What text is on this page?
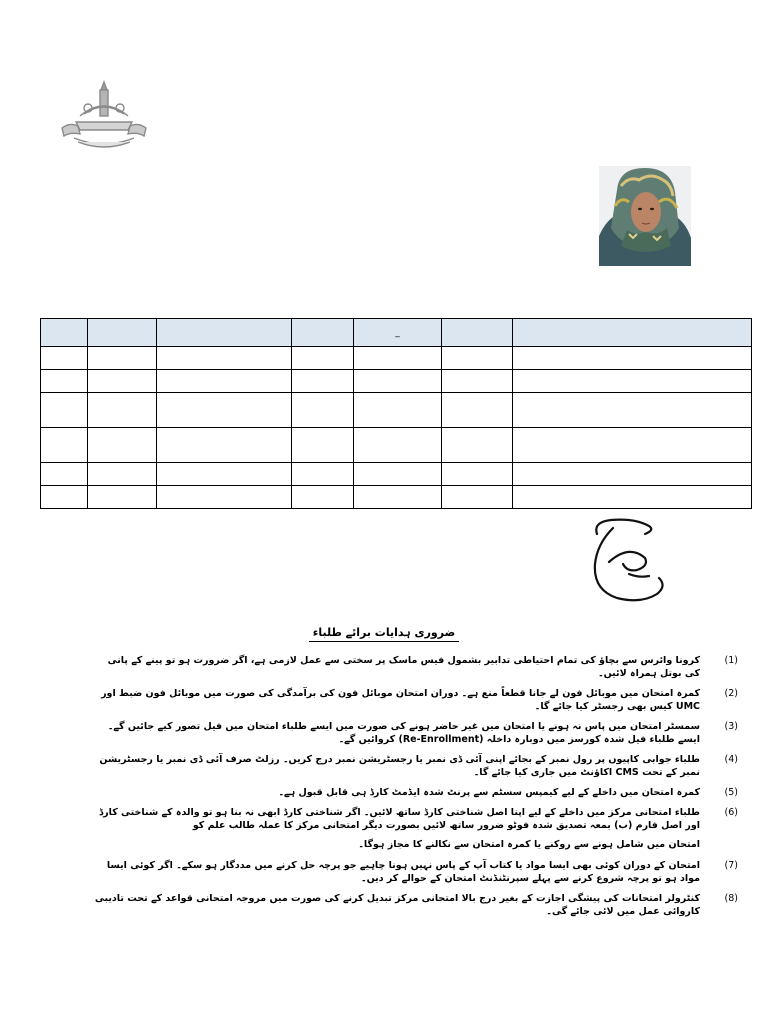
				_		

ضروری ہدایات برائے طلباء
(1)
کرونا وائرس سے بچاؤ کی تمام احتیاطی تدابیر بشمول فیس ماسک پر سختی سے عمل لازمی ہے، اگر ضرورت ہو تو پینے کے پانی کی بوتل ہمراہ لائیں۔
(2)
کمرہ امتحان میں موبائل فون لے جانا قطعاً منع ہے۔ دوران امتحان موبائل فون کی برآمدگی کی صورت میں موبائل فون ضبط اور UMC کیس بھی رجسٹر کیا جائے گا۔
(3)
سمسٹر امتحان میں پاس نہ ہونے یا امتحان میں غیر حاضر ہونے کی صورت میں ایسے طلباء امتحان میں فیل تصور کیے جائیں گے۔ ایسے طلباء فیل شدہ کورسز میں دوبارہ داخلہ (Re-Enrollment) کروائیں گے۔
(4)
طلباء جوابی کاپیوں پر رول نمبر کے بجائے اپنی آئی ڈی نمبر یا رجسٹریشن نمبر درج کریں۔ رزلٹ صرف آئی ڈی نمبر یا رجسٹریشن نمبر کے تحت CMS اکاؤنٹ میں جاری کیا جائے گا۔
(5)
کمرہ امتحان میں داخلے کے لیے کیمپس سسٹم سے پرنٹ شدہ ایڈمٹ کارڈ ہی قابل قبول ہے۔
(6)
طلباء امتحانی مرکز میں داخلے کے لیے اپنا اصل شناختی کارڈ ساتھ لائیں۔ اگر شناختی کارڈ ابھی نہ بنا ہو تو والدہ کے شناختی کارڈ اور اصل فارم (ب) بمعہ تصدیق شدہ فوٹو ضرور ساتھ لائیں بصورت دیگر امتحانی مرکز کا عملہ طالب علم کو
امتحان میں شامل ہونے سے روکنے یا کمرہ امتحان سے نکالنے کا مجاز ہوگا۔
(7)
امتحان کے دوران کوئی بھی ایسا مواد یا کتاب آپ کے پاس نہیں ہونا چاہیے جو پرچہ حل کرنے میں مددگار ہو سکے۔ اگر کوئی ایسا مواد ہو تو پرچہ شروع کرنے سے پہلے سپرنٹنڈنٹ امتحان کے حوالے کر دیں۔
(8)
کنٹرولر امتحانات کی پیشگی اجازت کے بغیر درج بالا امتحانی مرکز تبدیل کرنے کی صورت میں مروجہ امتحانی قواعد کے تحت تادیبی کاروائی عمل میں لائی جائے گی۔
